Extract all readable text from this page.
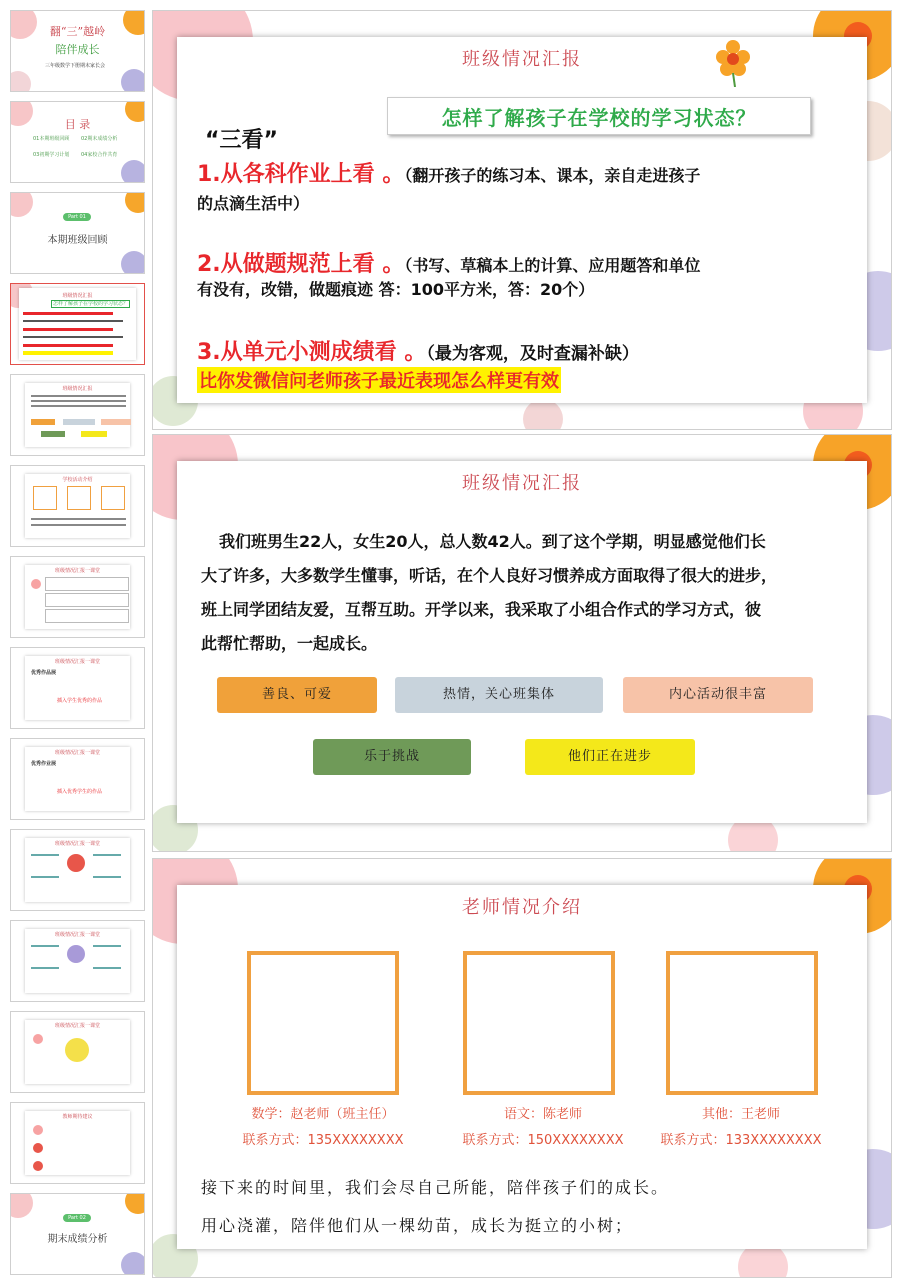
翻“三”越岭
陪伴成长
三年级数学下册期末家长会
目 录
01本期班级回顾 02期末成绩分析
03初期学习计划 04家校合作共育
Part 01
本期班级回顾
班级情况汇报
怎样了解孩子在学校的学习状态？
班级情况汇报
学校活动介绍
班级情况汇报一课堂
班级情况汇报一课堂
优秀作品展
插入学生优秀的作品
班级情况汇报一课堂
优秀作业展
插入优秀学生的作品
班级情况汇报一课堂
班级情况汇报一课堂
班级情况汇报一课堂
教师期待建议
Part 02
期末成绩分析
班级情况汇报
怎样了解孩子在学校的学习状态？
“三看”
1.从各科作业上看 。（翻开孩子的练习本、课本，亲自走进孩子
的点滴生活中）
2.从做题规范上看 。（书写、草稿本上的计算、应用题答和单位
有没有，改错，做题痕迹 答：100平方米，答：20个）
3.从单元小测成绩看 。（最为客观，及时查漏补缺）
比你发微信问老师孩子最近表现怎么样更有效
班级情况汇报
我们班男生22人，女生20人，总人数42人。到了这个学期，明显感觉他们长
大了许多，大多数学生懂事，听话，在个人良好习惯养成方面取得了很大的进步，
班上同学团结友爱，互帮互助。开学以来，我采取了小组合作式的学习方式，彼
此帮忙帮助，一起成长。
善良、可爱	热情，关心班集体	内心活动很丰富
乐于挑战	他们正在进步
老师情况介绍
数学：赵老师（班主任）
联系方式：135XXXXXXXX
语文：陈老师
联系方式：150XXXXXXXX
其他：王老师
联系方式：133XXXXXXXX
接下来的时间里，我们会尽自己所能，陪伴孩子们的成长。
用心浇灌，陪伴他们从一棵幼苗，成长为挺立的小树；
